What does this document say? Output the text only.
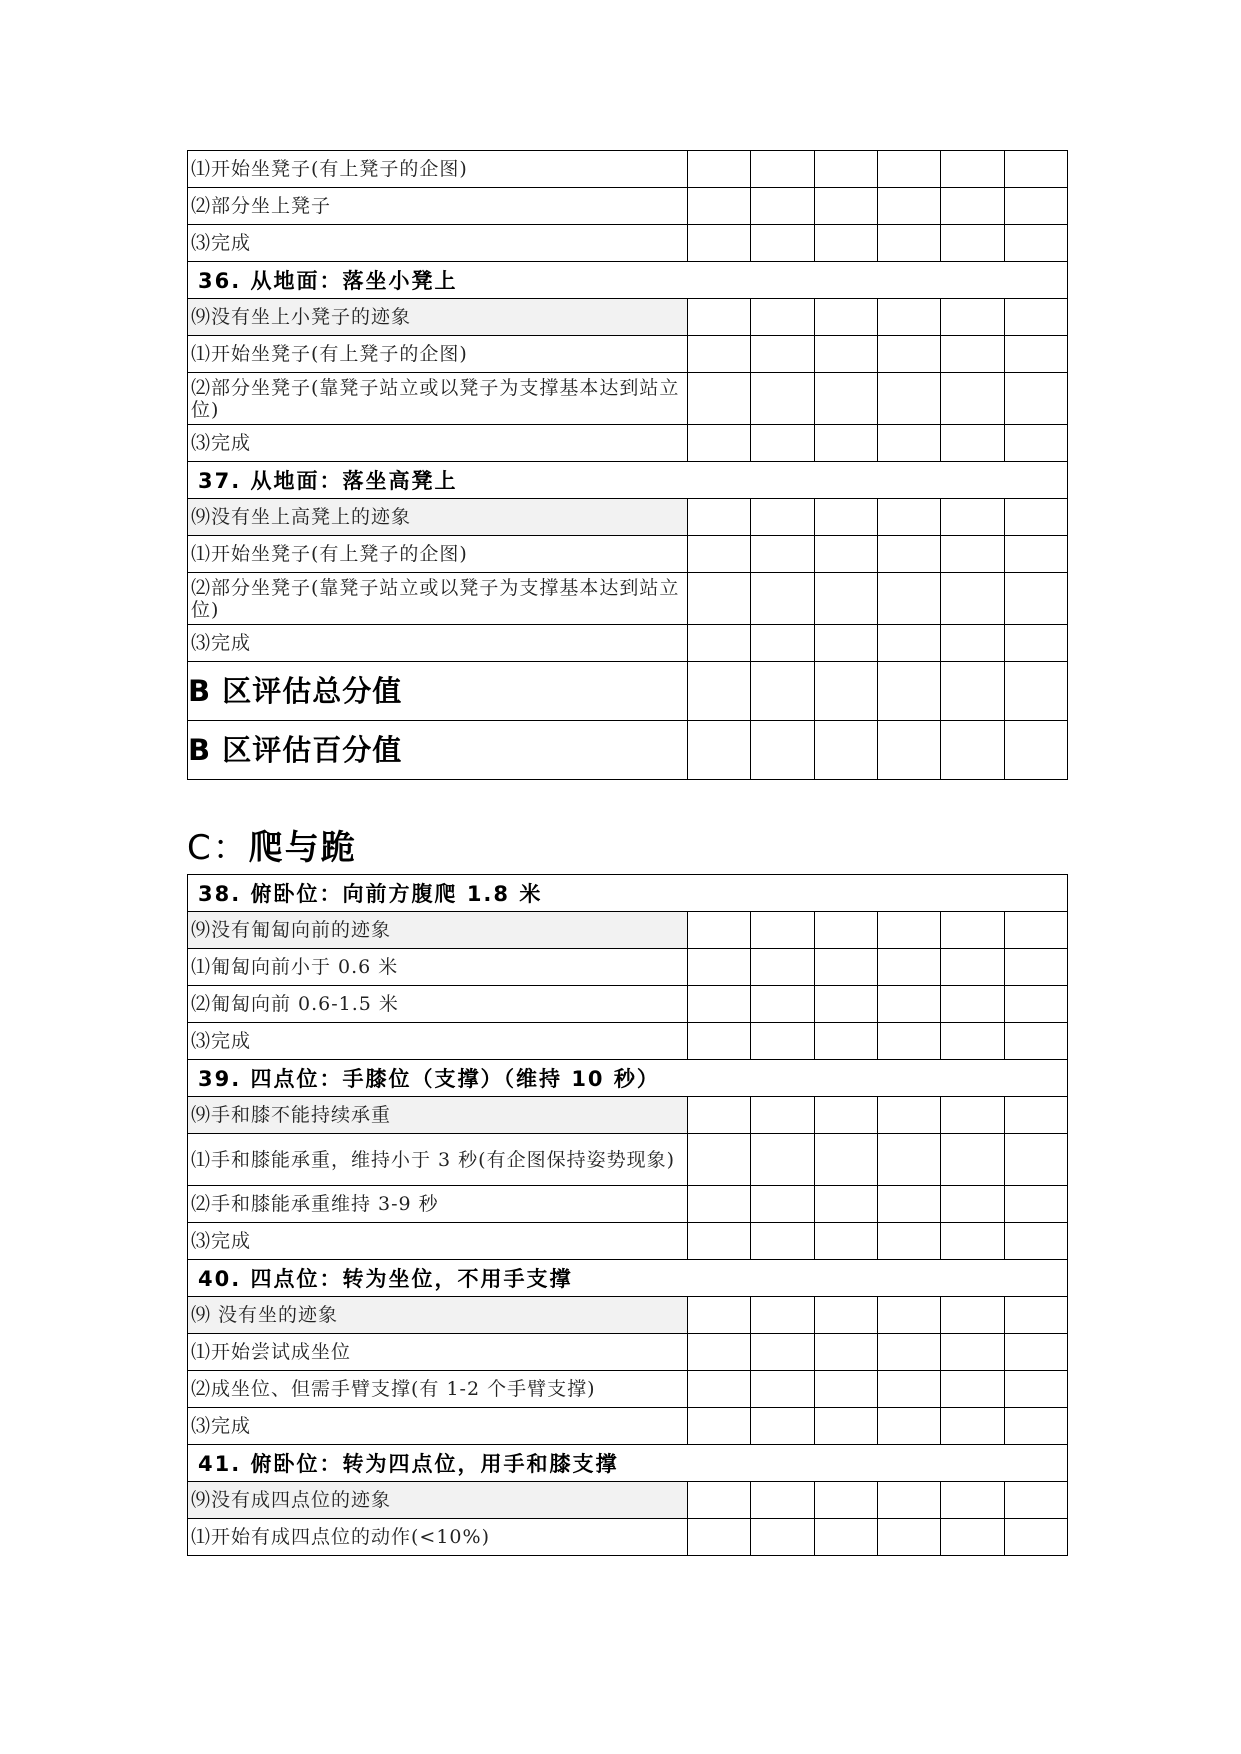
⑴开始坐凳子(有上凳子的企图)						
⑵部分坐上凳子						
⑶完成						
36. 从地面：落坐小凳上						
⑼没有坐上小凳子的迹象						
⑴开始坐凳子(有上凳子的企图)						
⑵部分坐凳子(靠凳子站立或以凳子为支撑基本达到站立位)						
⑶完成						
37. 从地面：落坐高凳上						
⑼没有坐上高凳上的迹象						
⑴开始坐凳子(有上凳子的企图)						
⑵部分坐凳子(靠凳子站立或以凳子为支撑基本达到站立位)						
⑶完成						
B 区评估总分值						
B 区评估百分值						
C：爬与跪
38. 俯卧位：向前方腹爬 1.8 米						
⑼没有匍匐向前的迹象						
⑴匍匐向前小于 0.6 米						
⑵匍匐向前 0.6-1.5 米						
⑶完成						
39. 四点位：手膝位（支撑）（维持 10 秒）						
⑼手和膝不能持续承重						
⑴手和膝能承重，维持小于 3 秒(有企图保持姿势现象)						
⑵手和膝能承重维持 3-9 秒						
⑶完成						
40. 四点位：转为坐位，不用手支撑						
⑼ 没有坐的迹象						
⑴开始尝试成坐位						
⑵成坐位、但需手臂支撑(有 1-2 个手臂支撑)						
⑶完成						
41. 俯卧位：转为四点位，用手和膝支撑						
⑼没有成四点位的迹象						
⑴开始有成四点位的动作(<10%)						
